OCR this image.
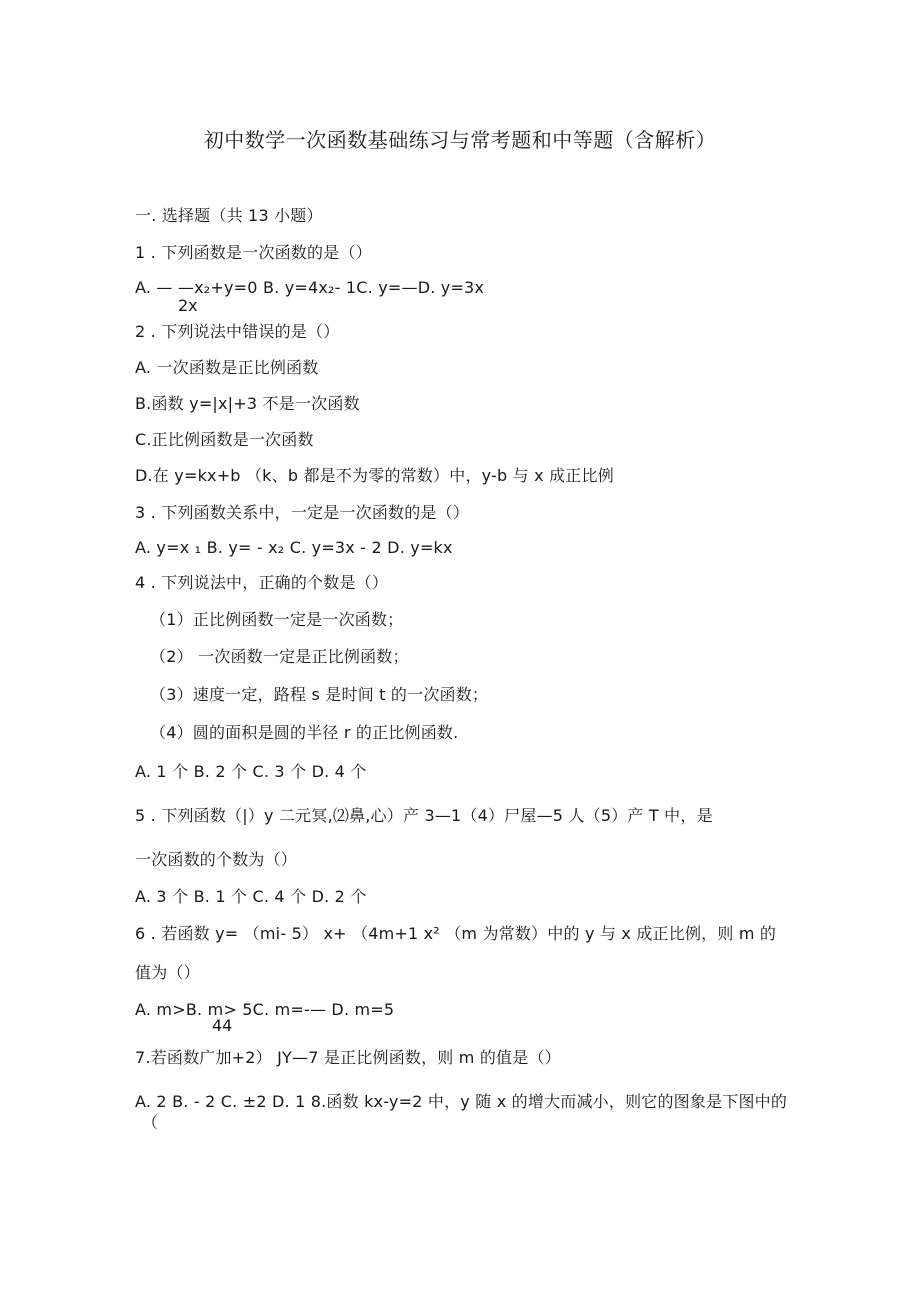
初中数学一次函数基础练习与常考题和中等题（含解析）
一. 选择题（共 13 小题）
1 . 下列函数是一次函数的是（）
A. — —x₂+y=0 B. y=4x₂- 1C. y=—D. y=3x
2x
2 . 下列说法中错误的是（）
A. 一次函数是正比例函数
B.函数 y=|x|+3 不是一次函数
C.正比例函数是一次函数
D.在 y=kx+b （k、b 都是不为零的常数）中，y-b 与 x 成正比例
3 . 下列函数关系中，一定是一次函数的是（）
A. y=x ₁ B. y= - x₂ C. y=3x - 2 D. y=kx
4 . 下列说法中，正确的个数是（）
（1）正比例函数一定是一次函数；
（2） 一次函数一定是正比例函数；
（3）速度一定，路程 s 是时间 t 的一次函数；
（4）圆的面积是圆的半径 r 的正比例函数.
A. 1 个 B. 2 个 C. 3 个 D. 4 个
5 . 下列函数（|）y 二元冥,⑵鼻,心）产 3—1（4）尸屋—5 人（5）产 T 中，是
一次函数的个数为（）
A. 3 个 B. 1 个 C. 4 个 D. 2 个
6 . 若函数 y= （mi- 5） x+ （4m+1 x² （m 为常数）中的 y 与 x 成正比例，则 m 的
值为（）
A. m>B. m> 5C. m=-— D. m=5
44
7.若函数广加+2） JY—7 是正比例函数，则 m 的值是（）
A. 2 B. - 2 C. ±2 D. 1 8.函数 kx-y=2 中，y 随 x 的增大而减小，则它的图象是下图中的
（
